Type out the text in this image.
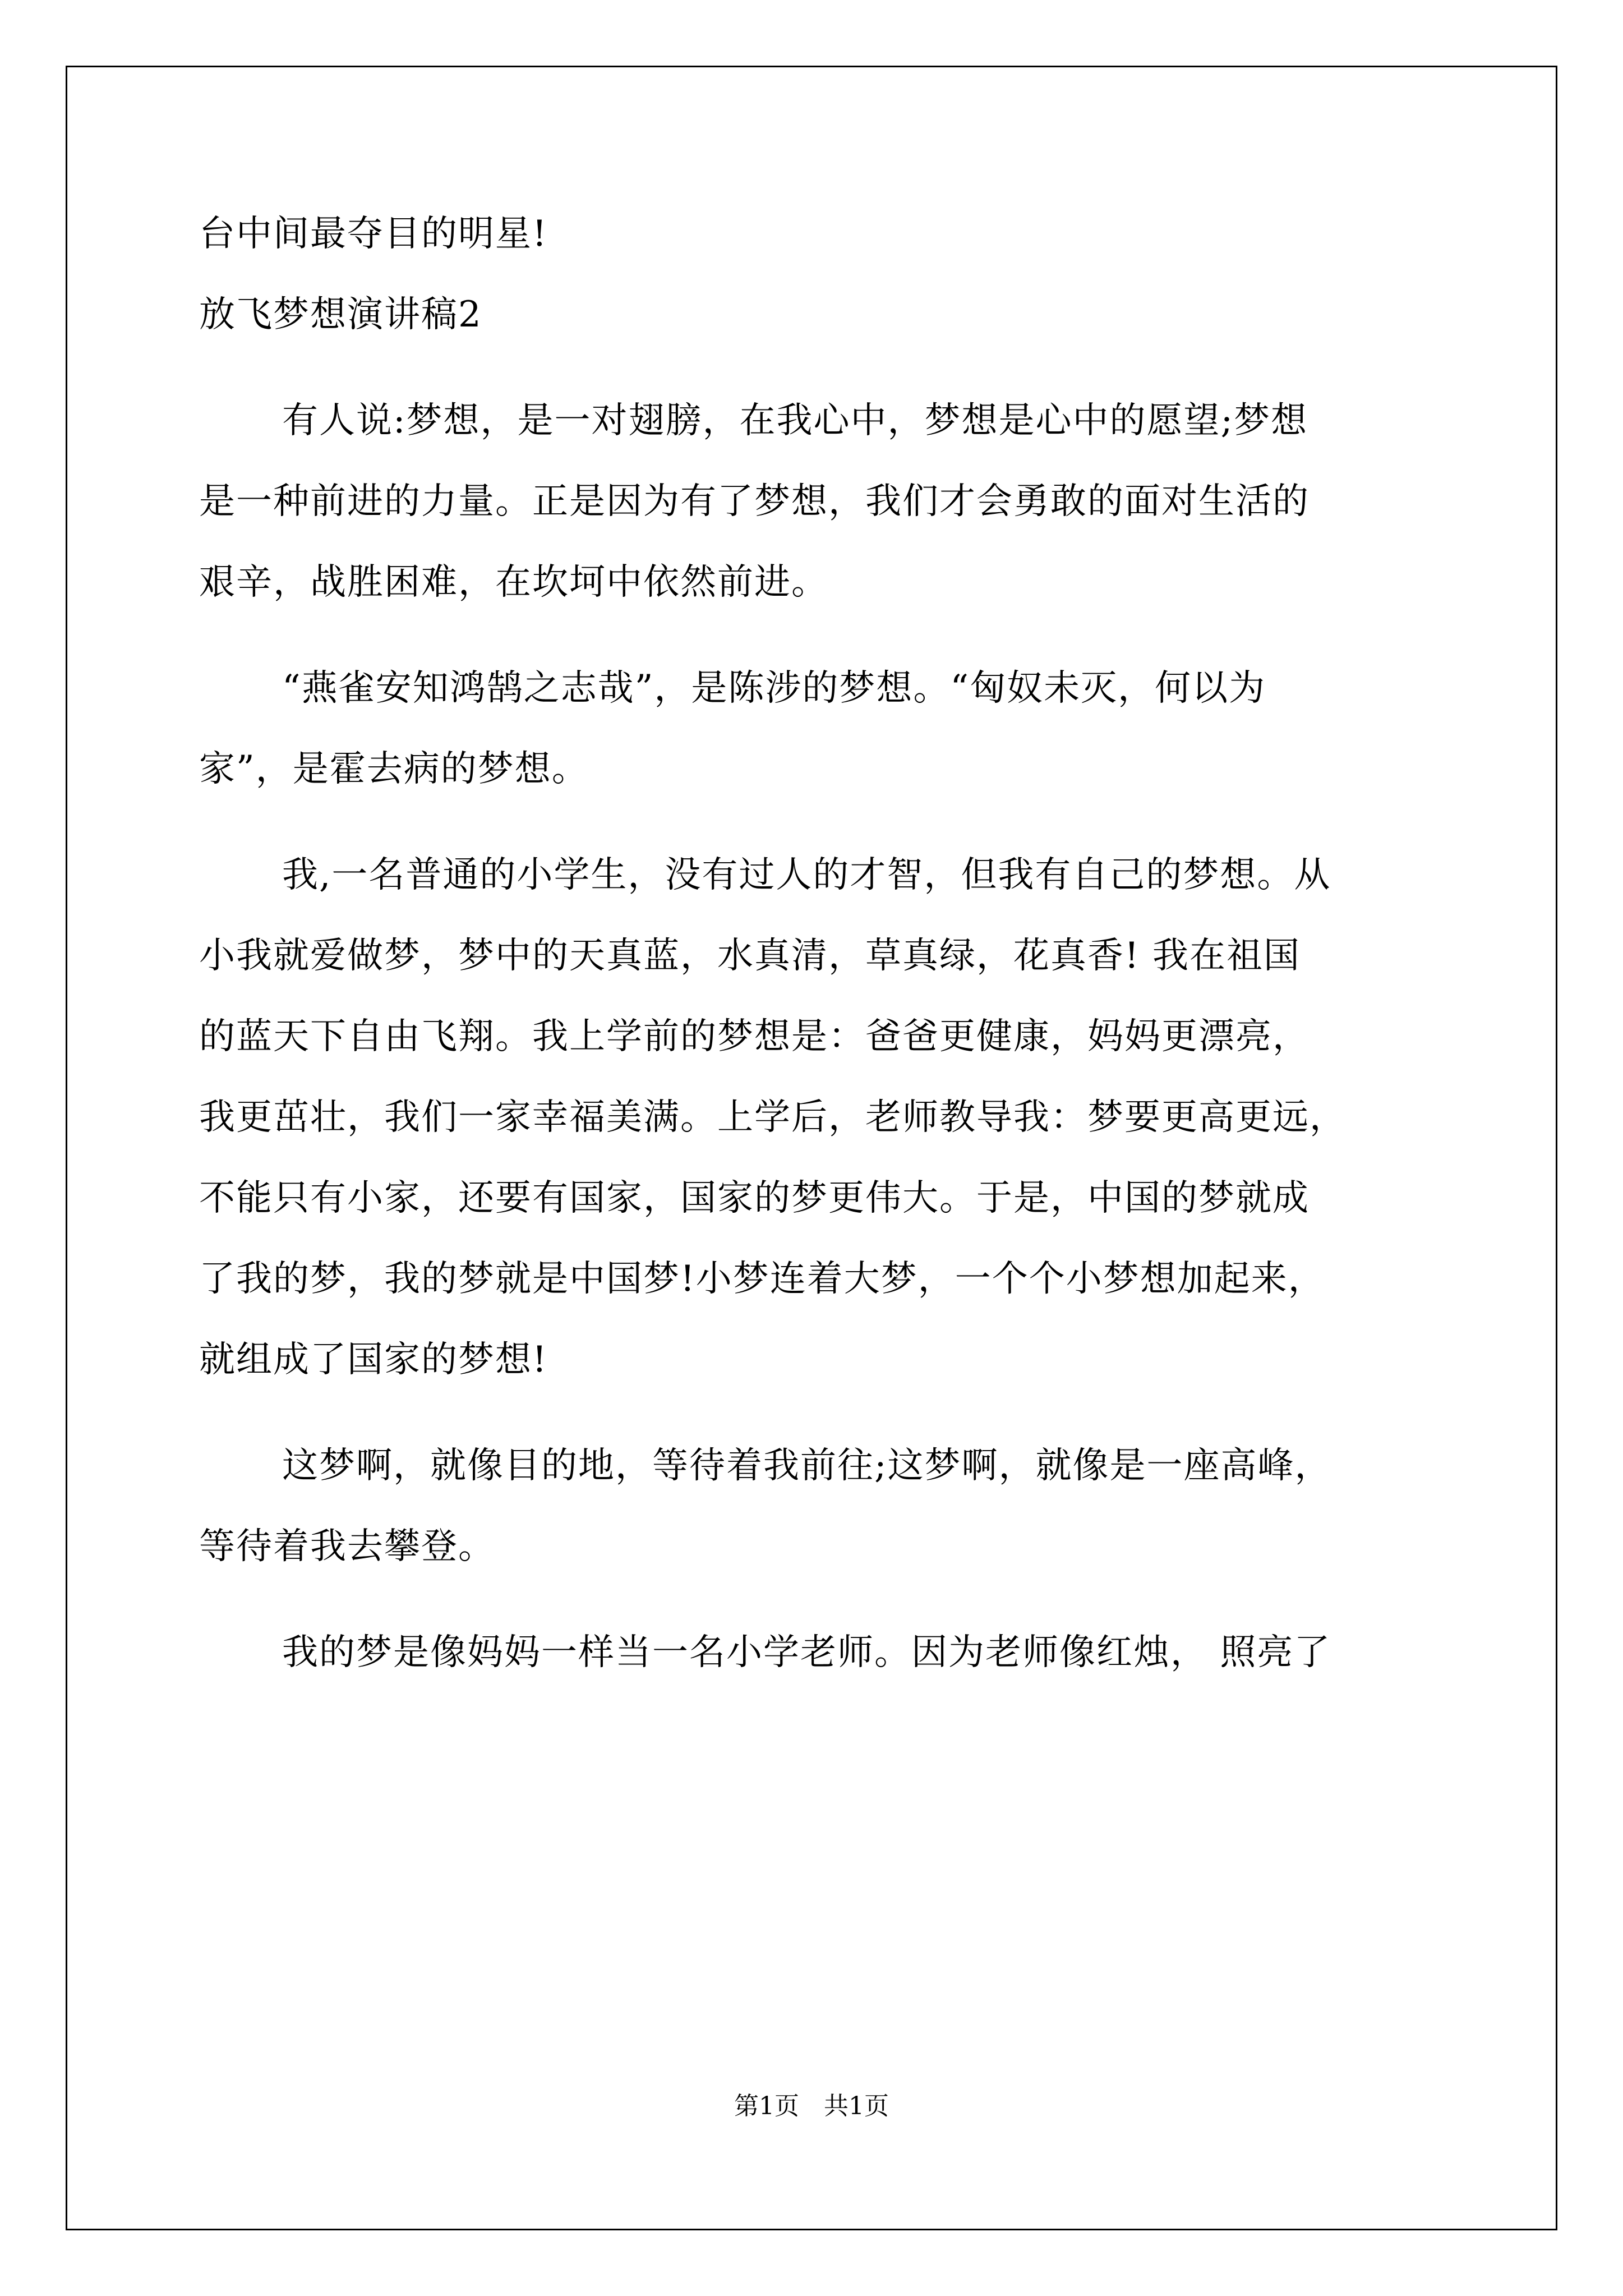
台中间最夺目的明星!
放飞梦想演讲稿2
有人说:梦想，是一对翅膀，在我心中，梦想是心中的愿望;梦想
是一种前进的力量。正是因为有了梦想，我们才会勇敢的面对生活的
艰辛，战胜困难，在坎坷中依然前进。
“燕雀安知鸿鹄之志哉”，是陈涉的梦想。“匈奴未灭，何以为
家”，是霍去病的梦想。
我,一名普通的小学生，没有过人的才智，但我有自己的梦想。从
小我就爱做梦，梦中的天真蓝，水真清，草真绿，花真香! 我在祖国
的蓝天下自由飞翔。我上学前的梦想是：爸爸更健康，妈妈更漂亮，
我更茁壮，我们一家幸福美满。上学后，老师教导我：梦要更高更远，
不能只有小家，还要有国家，国家的梦更伟大。于是，中国的梦就成
了我的梦，我的梦就是中国梦!小梦连着大梦，一个个小梦想加起来，
就组成了国家的梦想!
这梦啊，就像目的地，等待着我前往;这梦啊，就像是一座高峰，
等待着我去攀登。
我的梦是像妈妈一样当一名小学老师。因为老师像红烛， 照亮了
第1页　共1页
